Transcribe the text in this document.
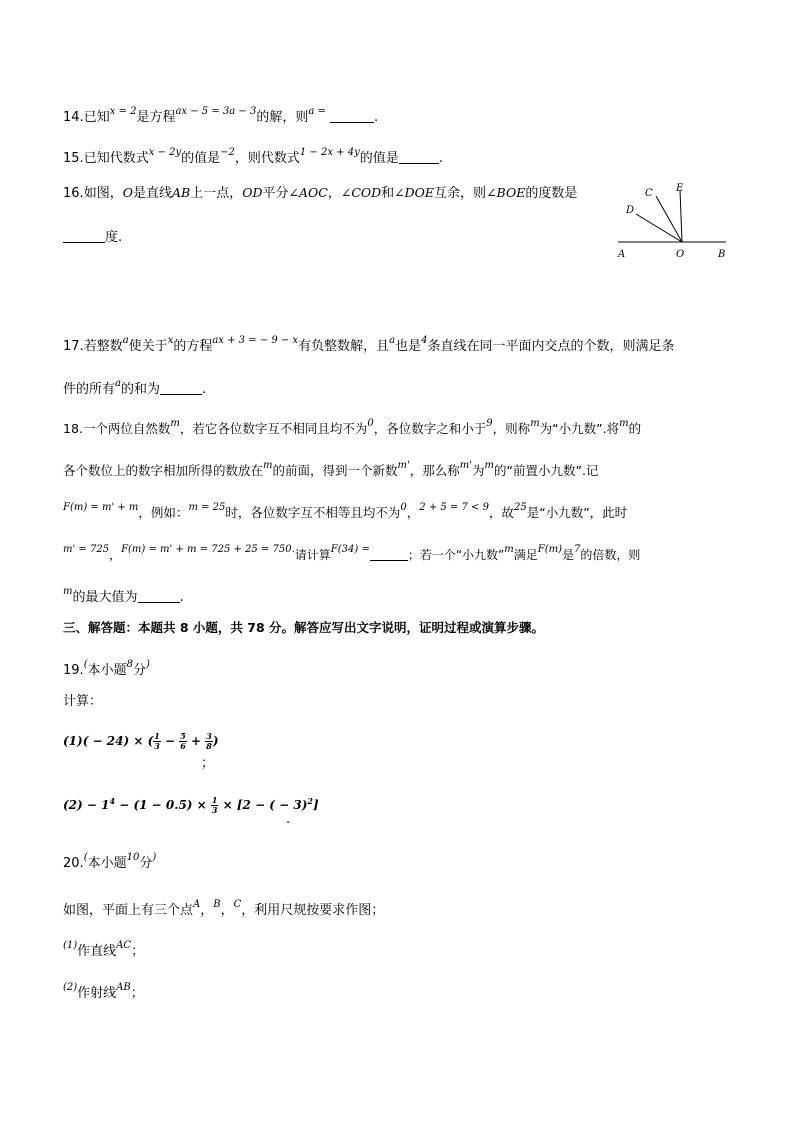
14.已知$^{x = 2}$是方程$^{ax - 5 = 3a - 3}$的解，则$^{a =}$	.
15.已知代数式$^{x - 2y}$的值是$^{-2}$，则代数式$^{1 - 2x + 4y}$的值是	.
16.如图，O是直线AB上一点，OD平分∠AOC，∠COD和∠DOE互余，则∠BOE的度数是
度.
C E
D
A	O	B
17.若整数$^a$使关于$^x$的方程$^{ax + 3 = - 9 - x}$有负整数解，且$^a$也是$^4$条直线在同一平面内交点的个数，则满足条
件的所有$^a$的和为	.
18.一个两位自然数$^m$，若它各位数字互不相同且均不为$^0$，各位数字之和小于$^9$，则称$^m$为“小九数”.将$^m$的
各个数位上的数字相加所得的数放在$^m$的前面，得到一个新数$^{m'}$，那么称$^{m'}$为$^m$的“前置小九数”.记
$^{F(m) = m' + m}$，例如：$^{m = 25}$时，各位数字互不相等且均不为$^0$，$^{2 + 5 = 7 < 9}$，故$^{25}$是“小九数”，此时
$^{m' = 725}$，$^{F(m) = m' + m = 725 + 25 = 750.}$请计算$^{F(34) =}$	；若一个“小九数”$^m$满足$^{F(m)}$是$^7$的倍数，则
$^m$的最大值为	.
三、解答题：本题共 8 小题，共 78 分。解答应写出文字说明，证明过程或演算步骤。
19.(本小题$^8$分)
计算：
(1)( − 24) × ( $\frac{1}{3} - \frac{5}{6} + \frac{3}{8}$ )
；
$(2) - 1^4 - (1 - 0.5) \times \frac{1}{3} \times [2$ − ( − 3)$^2$]
.
20.(本小题$^{10}$分)
如图，平面上有三个点$^A$，$^B$，$^C$，利用尺规按要求作图；
$^{(1)}$作直线$^{AC}$；
$^{(2)}$作射线$^{AB}$；
